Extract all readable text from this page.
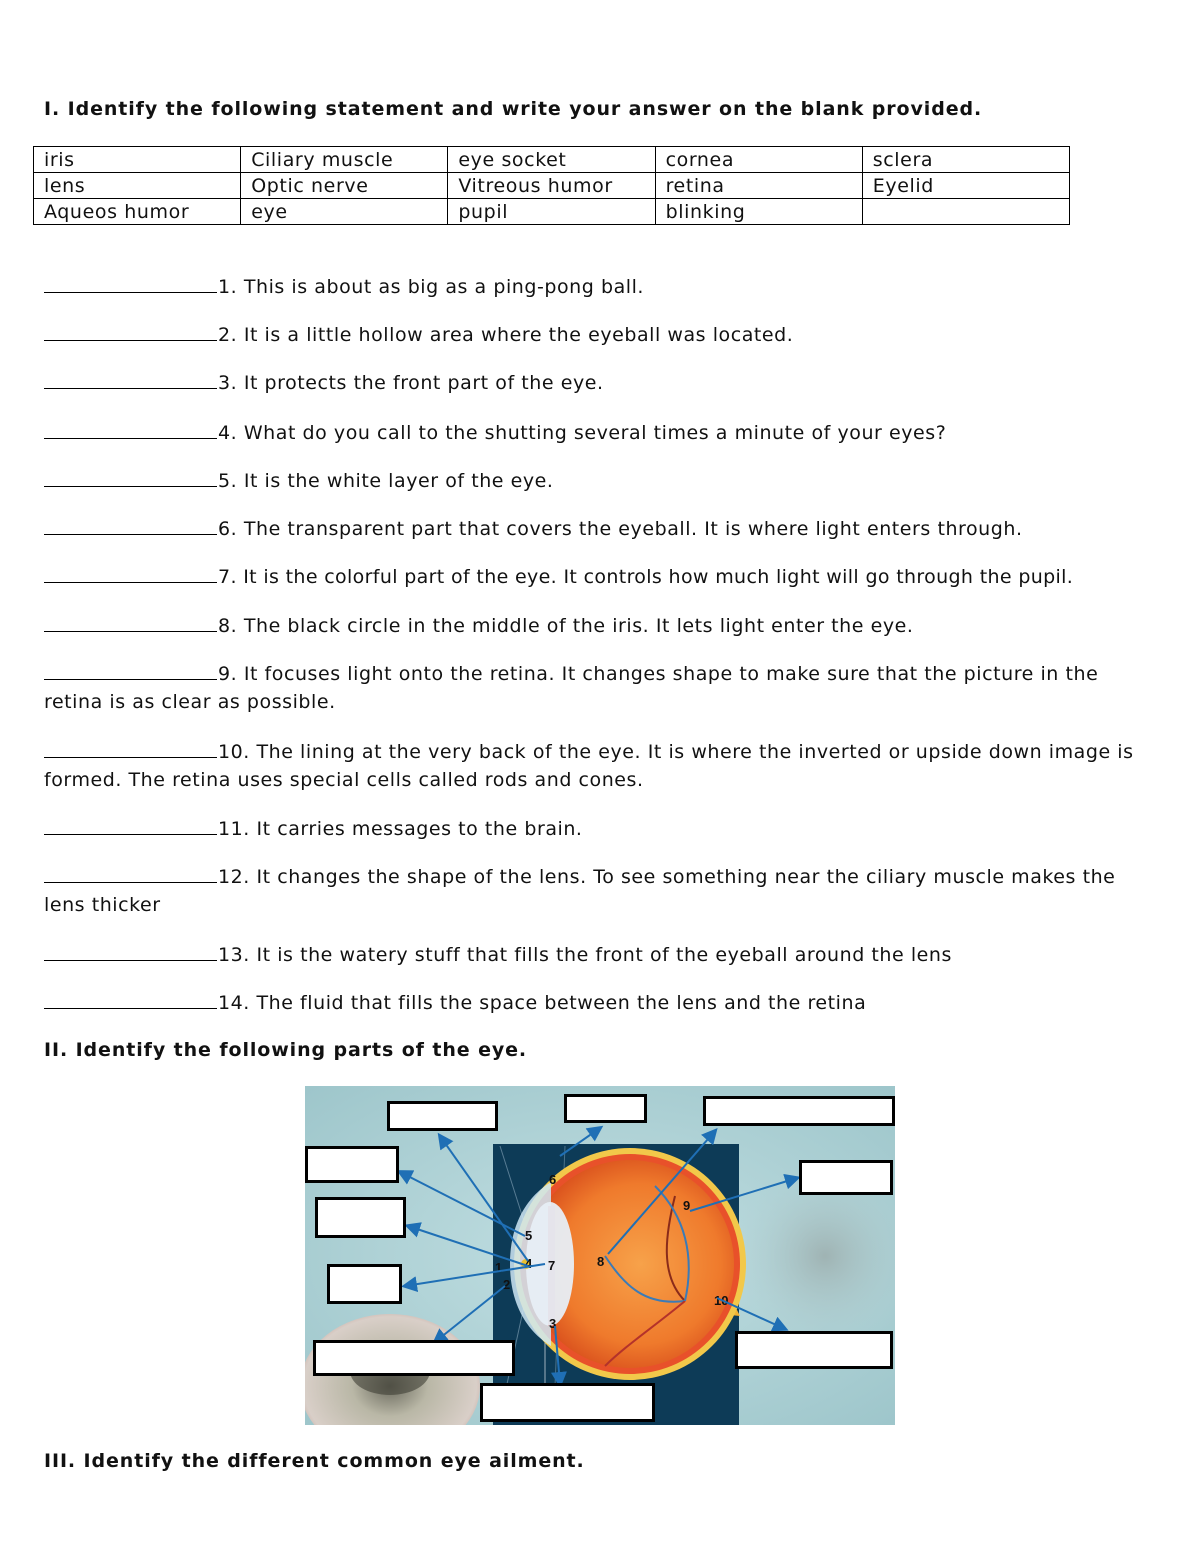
I. Identify the following statement and write your answer on the blank provided.

iris	Ciliary muscle	eye socket	cornea	sclera
lens	Optic nerve	Vitreous humor	retina	Eyelid
Aqueos humor	eye	pupil	blinking	

1. This is about as big as a ping-pong ball.

2. It is a little hollow area where the eyeball was located.

3. It protects the front part of the eye.

4. What do you call to the shutting several times a minute of your eyes?

5. It is the white layer of the eye.

6. The transparent part that covers the eyeball. It is where light enters through.

7. It is the colorful part of the eye. It controls how much light will go through the pupil.

8. The black circle in the middle of the iris. It lets light enter the eye.

9. It focuses light onto the retina. It changes shape to make sure that the picture in the retina is as clear as possible.

10. The lining at the very back of the eye. It is where the inverted or upside down image is formed. The retina uses special cells called rods and cones.

11. It carries messages to the brain.

12. It changes the shape of the lens. To see something near the ciliary muscle makes the lens thicker

13. It is the watery stuff that fills the front of the eyeball around the lens

14. The fluid that fills the space between the lens and the retina

II. Identify the following parts of the eye.

6
5
4
1
2
3
7	8
9
10

III. Identify the different common eye ailment.
